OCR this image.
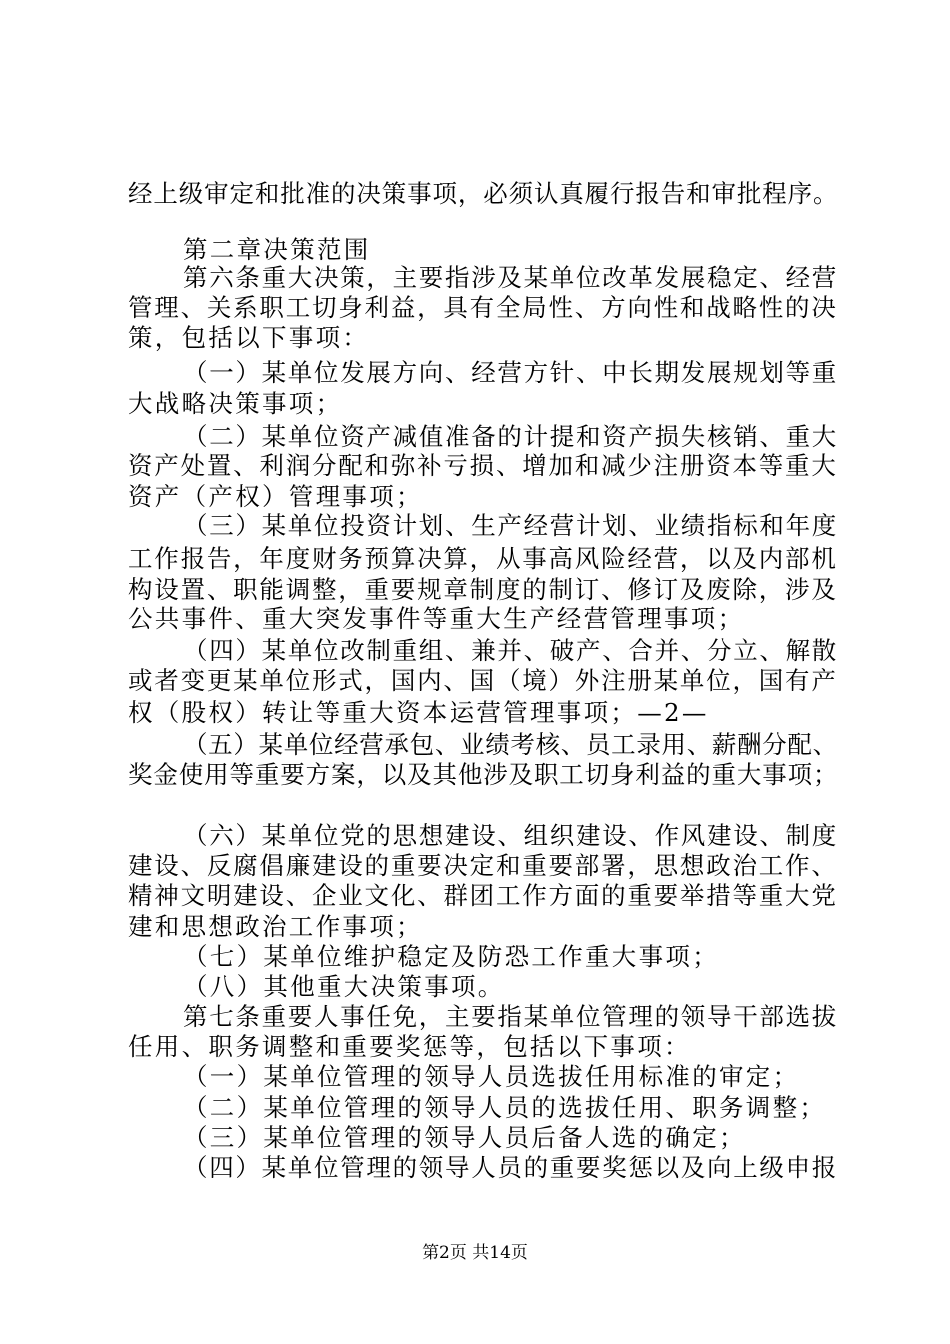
经上级审定和批准的决策事项，必须认真履行报告和审批程序。
第二章决策范围
第六条重大决策，主要指涉及某单位改革发展稳定、经营
管理、关系职工切身利益，具有全局性、方向性和战略性的决
策，包括以下事项：
（一）某单位发展方向、经营方针、中长期发展规划等重
大战略决策事项；
（二）某单位资产减值准备的计提和资产损失核销、重大
资产处置、利润分配和弥补亏损、增加和减少注册资本等重大
资产（产权）管理事项；
（三）某单位投资计划、生产经营计划、业绩指标和年度
工作报告，年度财务预算决算，从事高风险经营，以及内部机
构设置、职能调整，重要规章制度的制订、修订及废除，涉及
公共事件、重大突发事件等重大生产经营管理事项；
（四）某单位改制重组、兼并、破产、合并、分立、解散
或者变更某单位形式，国内、国（境）外注册某单位，国有产
权（股权）转让等重大资本运营管理事项；—2—
（五）某单位经营承包、业绩考核、员工录用、薪酬分配、
奖金使用等重要方案，以及其他涉及职工切身利益的重大事项；
（六）某单位党的思想建设、组织建设、作风建设、制度
建设、反腐倡廉建设的重要决定和重要部署，思想政治工作、
精神文明建设、企业文化、群团工作方面的重要举措等重大党
建和思想政治工作事项；
（七）某单位维护稳定及防恐工作重大事项；
（八）其他重大决策事项。
第七条重要人事任免，主要指某单位管理的领导干部选拔
任用、职务调整和重要奖惩等，包括以下事项：
（一）某单位管理的领导人员选拔任用标准的审定；
（二）某单位管理的领导人员的选拔任用、职务调整；
（三）某单位管理的领导人员后备人选的确定；
（四）某单位管理的领导人员的重要奖惩以及向上级申报
第2页 共14页
